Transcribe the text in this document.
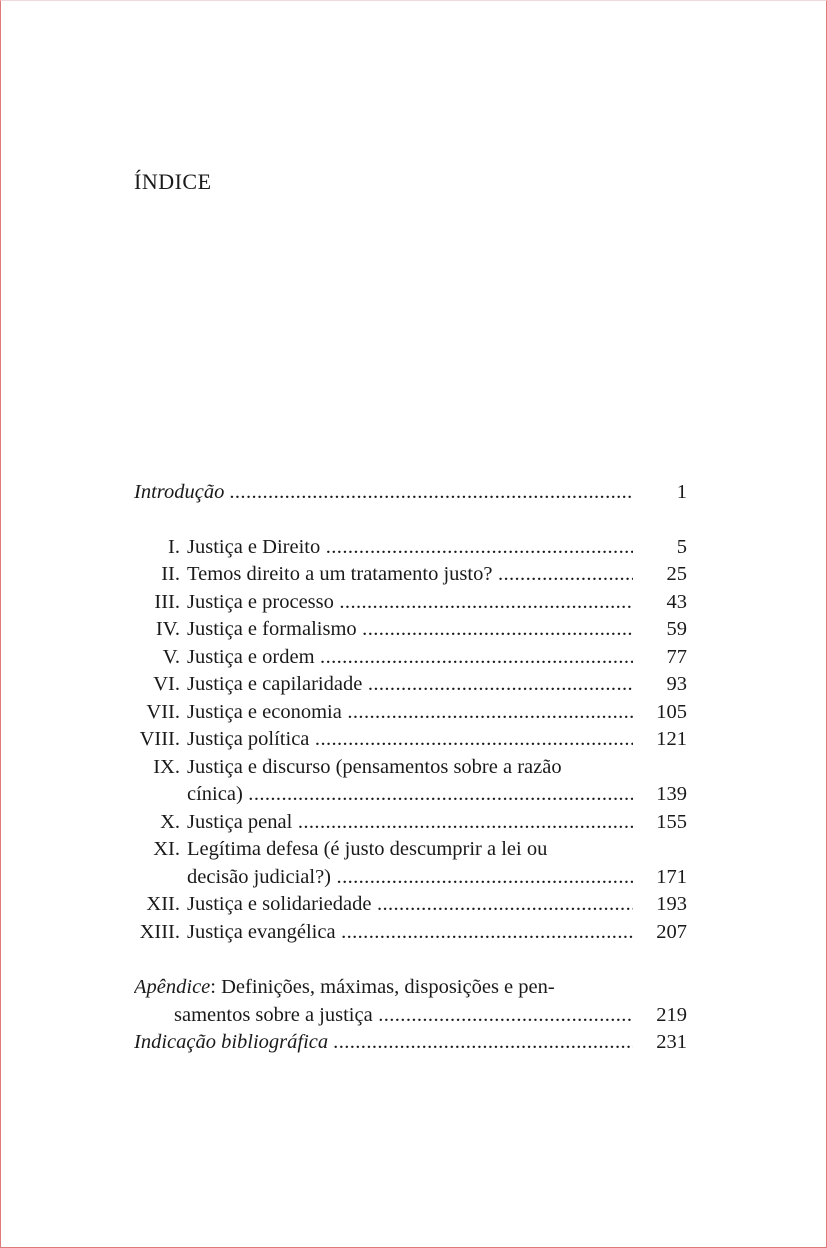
ÍNDICE
Introdução .....	1
I. Justiça e Direito .....	5
II. Temos direito a um tratamento justo? .....	25
III. Justiça e processo .....	43
IV. Justiça e formalismo .....	59
V. Justiça e ordem .....	77
VI. Justiça e capilaridade .....	93
VII. Justiça e economia .....	105
VIII. Justiça política .....	121
IX. Justiça e discurso (pensamentos sobre a razão
cínica) .....	139
X. Justiça penal .....	155
XI. Legítima defesa (é justo descumprir a lei ou
decisão judicial?) .....	171
XII. Justiça e solidariedade .....	193
XIII. Justiça evangélica .....	207
Apêndice: Definições, máximas, disposições e pen-
samentos sobre a justiça .....	219
Indicação bibliográfica .....	231
